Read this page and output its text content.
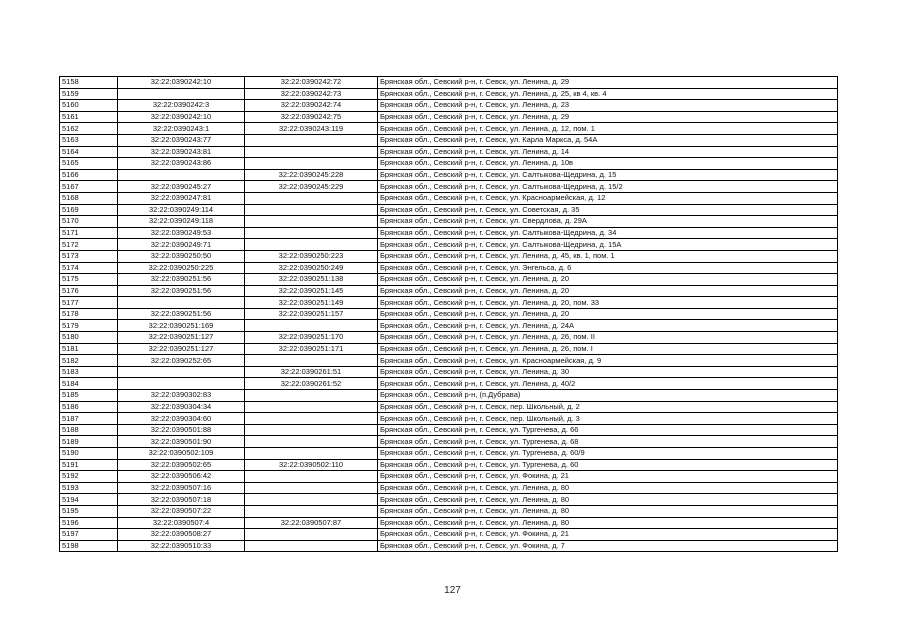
5158	32:22:0390242:10	32:22:0390242:72	Брянская обл., Севский р-н, г. Севск, ул. Ленина, д. 29
5159		32:22:0390242:73	Брянская обл., Севский р-н, г. Севск, ул. Ленина, д. 25, кв 4, кв. 4
5160	32:22:0390242:3	32:22:0390242:74	Брянская обл., Севский р-н, г. Севск, ул. Ленина, д. 23
5161	32:22:0390242:10	32:22:0390242:75	Брянская обл., Севский р-н, г. Севск, ул. Ленина, д. 29
5162	32:22:0390243:1	32:22:0390243:119	Брянская обл., Севский р-н, г. Севск, ул. Ленина, д. 12, пом. 1
5163	32:22:0390243:77		Брянская обл., Севский р-н, г. Севск, ул. Карла Маркса, д. 54А
5164	32:22:0390243:81		Брянская обл., Севский р-н, г. Севск, ул. Ленина, д. 14
5165	32:22:0390243:86		Брянская обл., Севский р-н, г. Севск, ул. Ленина, д. 10в
5166		32:22:0390245:228	Брянская обл., Севский р-н, г. Севск, ул. Салтыкова-Щедрина, д. 15
5167	32:22:0390245:27	32:22:0390245:229	Брянская обл., Севский р-н, г. Севск, ул. Салтыкова-Щедрина, д. 15/2
5168	32:22:0390247:81		Брянская обл., Севский р-н, г. Севск, ул. Красноармейская, д. 12
5169	32:22:0390249:114		Брянская обл., Севский р-н, г. Севск, ул. Советская, д. 35
5170	32:22:0390249:118		Брянская обл., Севский р-н, г. Севск, ул. Свердлова, д. 29А
5171	32:22:0390249:53		Брянская обл., Севский р-н, г. Севск, ул. Салтыкова-Щедрина, д. 34
5172	32:22:0390249:71		Брянская обл., Севский р-н, г. Севск, ул. Салтыкова-Щедрина, д. 15А
5173	32:22:0390250:50	32:22:0390250:223	Брянская обл., Севский р-н, г. Севск, ул. Ленина, д. 45, кв. 1, пом. 1
5174	32:22:0390250:225	32:22:0390250:249	Брянская обл., Севский р-н, г. Севск, ул. Энгельса, д. 6
5175	32:22:0390251:56	32:22:0390251:138	Брянская обл., Севский р-н, г. Севск, ул. Ленина, д. 20
5176	32:22:0390251:56	32:22:0390251:145	Брянская обл., Севский р-н, г. Севск, ул. Ленина, д. 20
5177		32:22:0390251:149	Брянская обл., Севский р-н, г. Севск, ул. Ленина, д. 20, пом. 33
5178	32:22:0390251:56	32:22:0390251:157	Брянская обл., Севский р-н, г. Севск, ул. Ленина, д. 20
5179	32:22:0390251:169		Брянская обл., Севский р-н, г. Севск, ул. Ленина, д. 24А
5180	32:22:0390251:127	32:22:0390251:170	Брянская обл., Севский р-н, г. Севск, ул. Ленина, д. 26, пом. II
5181	32:22:0390251:127	32:22:0390251:171	Брянская обл., Севский р-н, г. Севск, ул. Ленина, д. 26, пом. I
5182	32:22:0390252:65		Брянская обл., Севский р-н, г. Севск, ул. Красноармейская, д. 9
5183		32:22:0390261:51	Брянская обл., Севский р-н, г. Севск, ул. Ленина, д. 30
5184		32:22:0390261:52	Брянская обл., Севский р-н, г. Севск, ул. Ленина, д. 40/2
5185	32:22:0390302:83		Брянская обл., Севский р-н, (п.Дубрава)
5186	32:22:0390304:34		Брянская обл., Севский р-н, г. Севск, пер. Школьный, д. 2
5187	32:22:0390304:60		Брянская обл., Севский р-н, г. Севск, пер. Школьный, д. 3
5188	32:22:0390501:88		Брянская обл., Севский р-н, г. Севск, ул. Тургенева, д. 66
5189	32:22:0390501:90		Брянская обл., Севский р-н, г. Севск, ул. Тургенева, д. 68
5190	32:22:0390502:109		Брянская обл., Севский р-н, г. Севск, ул. Тургенева, д. 60/9
5191	32:22:0390502:65	32:22:0390502:110	Брянская обл., Севский р-н, г. Севск, ул. Тургенева, д. 60
5192	32:22:0390506:42		Брянская обл., Севский р-н, г. Севск, ул. Фокина, д. 21
5193	32:22:0390507:16		Брянская обл., Севский р-н, г. Севск, ул. Ленина, д. 80
5194	32:22:0390507:18		Брянская обл., Севский р-н, г. Севск, ул. Ленина, д. 80
5195	32:22:0390507:22		Брянская обл., Севский р-н, г. Севск, ул. Ленина, д. 80
5196	32:22:0390507:4	32:22:0390507:87	Брянская обл., Севский р-н, г. Севск, ул. Ленина, д. 80
5197	32:22:0390508:27		Брянская обл., Севский р-н, г. Севск, ул. Фокина, д. 21
5198	32:22:0390510:33		Брянская обл., Севский р-н, г. Севск, ул. Фокина, д. 7
127
